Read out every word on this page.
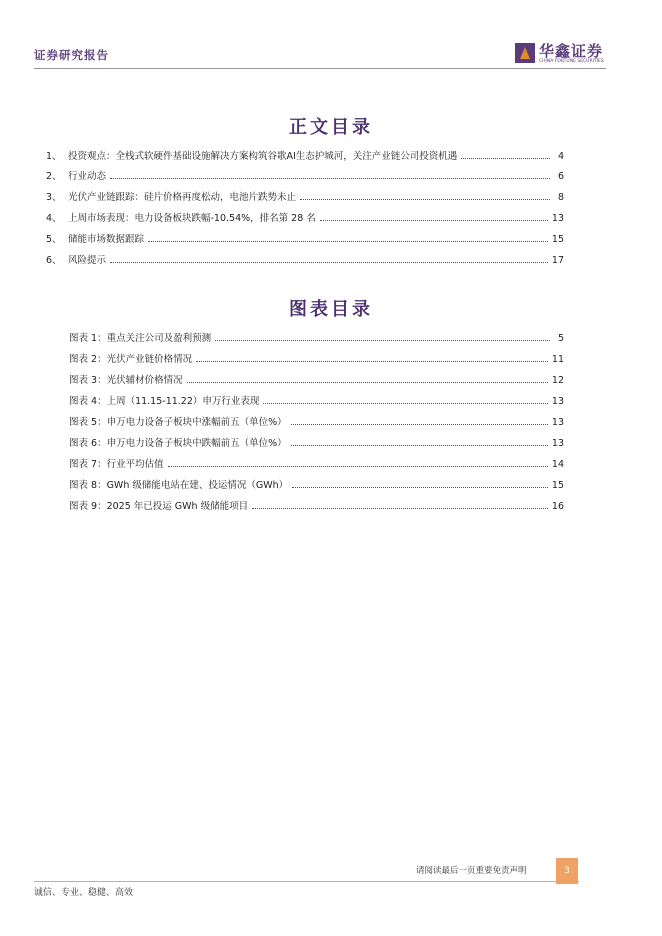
证券研究报告	华鑫证券
CHINA FORTUNE SECURITIES
正文目录
1、 投资观点：全栈式软硬件基础设施解决方案构筑谷歌AI生态护城河，关注产业链公司投资机遇	4
2、 行业动态	6
3、 光伏产业链跟踪：硅片价格再度松动，电池片跌势未止	8
4、 上周市场表现：电力设备板块跌幅-10.54%，排名第 28 名	13
5、 储能市场数据跟踪	15
6、 风险提示	17
图表目录
图表 1：重点关注公司及盈利预测	5
图表 2：光伏产业链价格情况	11
图表 3：光伏辅材价格情况	12
图表 4：上周（11.15-11.22）申万行业表现	13
图表 5：申万电力设备子板块中涨幅前五（单位%）	13
图表 6：申万电力设备子板块中跌幅前五（单位%）	13
图表 7：行业平均估值	14
图表 8：GWh 级储能电站在建、投运情况（GWh）	15
图表 9：2025 年已投运 GWh 级储能项目	16
请阅读最后一页重要免责声明	3
诚信、专业、稳健、高效
